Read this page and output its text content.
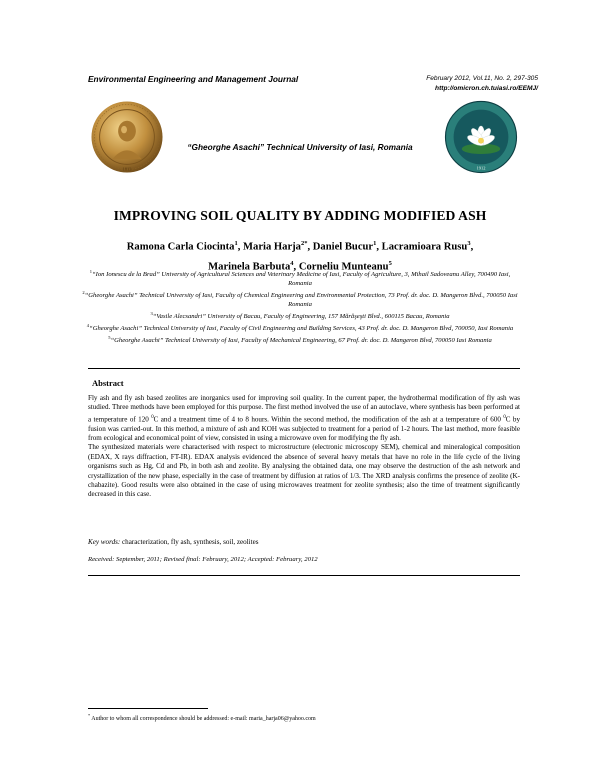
Environmental Engineering and Management Journal	February 2012, Vol.11, No. 2, 297-305
http://omicron.ch.tuiasi.ro/EEMJ/
1813
“Gheorghe Asachi” Technical University of Iasi, Romania
1912
IMPROVING SOIL QUALITY BY ADDING MODIFIED ASH
Ramona Carla Ciocinta$^1$, Maria Harja$^{2*}$, Daniel Bucur$^1$, Lacramioara Rusu$^3$,
Marinela Barbuta$^4$, Corneliu Munteanu$^5$

$^1$“Ion Ionescu de la Brad” University of Agricultural Sciences and Veterinary Medicine of Iasi, Faculty of Agriculture, 3, Mihail Sadoveanu Alley, 700490 Iasi, Romania

$^2$“Gheorghe Asachi” Technical University of Iasi, Faculty of Chemical Engineering and Environmental Protection, 73 Prof. dr. doc. D. Mangeron Blvd., 700050 Iasi Romania

$^3$“Vasile Alecsandri” University of Bacau, Faculty of Engineering, 157 Mărăşeşti Blvd., 600115 Bacau, Romania

$^4$“Gheorghe Asachi” Technical University of Iasi, Faculty of Civil Engineering and Building Services, 43 Prof. dr. doc. D. Mangeron Blvd, 700050, Iasi Romania

$^5$“Gheorghe Asachi” Technical University of Iasi, Faculty of Mechanical Engineering, 67 Prof. dr. doc. D. Mangeron Blvd, 700050 Iasi Romania

Abstract

Fly ash and fly ash based zeolites are inorganics used for improving soil quality. In the current paper, the hydrothermal modification of fly ash was studied. Three methods have been employed for this purpose. The first method involved the use of an autoclave, where synthesis has been performed at a temperature of 120 $^0$C and a treatment time of 4 to 8 hours. Within the second method, the modification of the ash at a temperature of 600 $^0$C by fusion was carried-out. In this method, a mixture of ash and KOH was subjected to treatment for a period of 1-2 hours. The last method, more feasible from ecological and economical point of view, consisted in using a microwave oven for modifying the fly ash.

The synthesized materials were characterised with respect to microstructure (electronic microscopy SEM), chemical and mineralogical composition (EDAX, X rays diffraction, FT-IR). EDAX analysis evidenced the absence of several heavy metals that have no role in the life cycle of the living organisms such as Hg, Cd and Pb, in both ash and zeolite. By analysing the obtained data, one may observe the destruction of the ash network and crystallization of the new phase, especially in the case of treatment by diffusion at ratios of 1/3. The XRD analysis confirms the presence of zeolite (K-chabazite). Good results were also obtained in the case of using microwaves treatment for zeolite synthesis; also the time of treatment significantly decreased in this case.

Key words: characterization, fly ash, synthesis, soil, zeolites
Received: September, 2011; Revised final: February, 2012; Accepted: February, 2012
* Author to whom all correspondence should be addressed: e-mail: maria_harja06@yahoo.com
